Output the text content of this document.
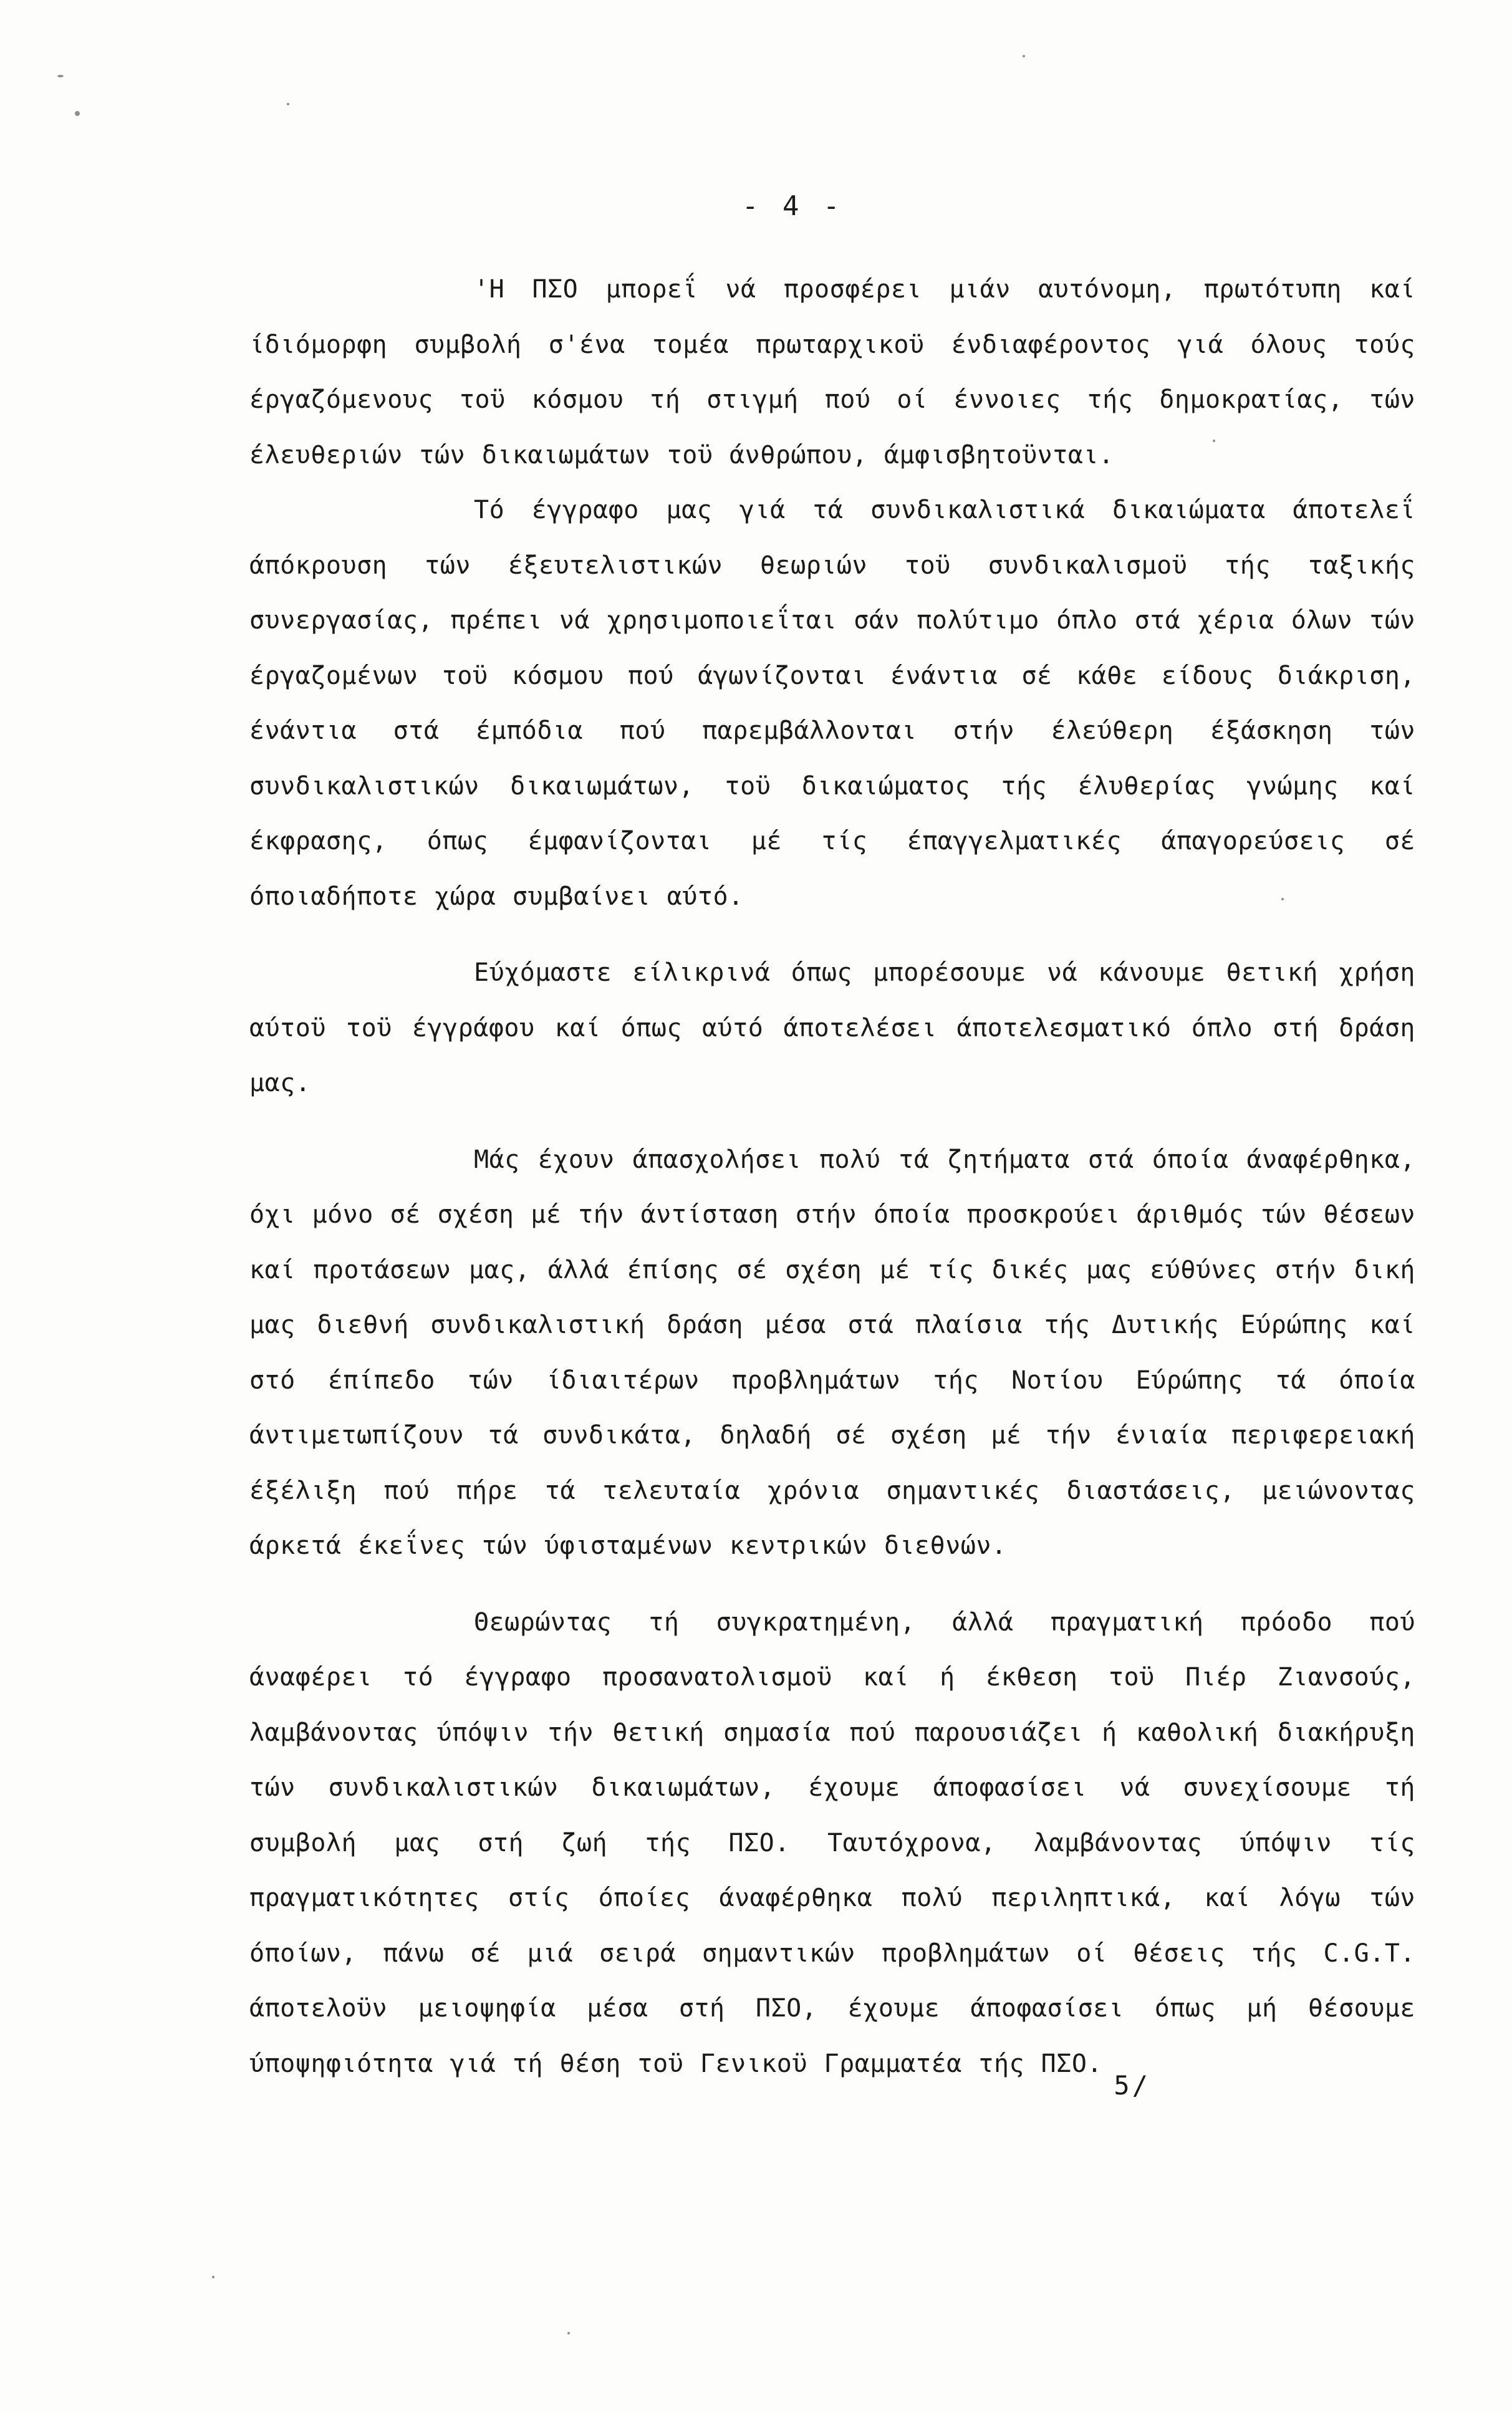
- 4 -

'Η ΠΣΟ μπορεΐ νά προσφέρει μιάν αυτόνομη, πρωτότυπη καί ίδιόμορφη συμβολή σ'ένα τομέα πρωταρχικοϋ ένδιαφέροντος γιά όλους τούς έργαζόμενους τοϋ κόσμου τή στιγμή πού οί έννοιες τής δημοκρατίας, τών έλευθεριών τών δικαιωμάτων τοϋ άνθρώπου, άμφισβητοϋνται.

Τό έγγραφο μας γιά τά συνδικαλιστικά δικαιώματα άποτελεΐ άπόκρουση τών έξευτελιστικών θεωριών τοϋ συνδικαλισμοϋ τής ταξικής συνεργασίας, πρέπει νά χρησιμοποιεΐται σάν πολύτιμο όπλο στά χέρια όλων τών έργαζομένων τοϋ κόσμου πού άγωνίζονται ένάντια σέ κάθε είδους διάκριση, ένάντια στά έμπόδια πού παρεμβάλλονται στήν έλεύθερη έξάσκηση τών συνδικαλιστικών δικαιωμάτων, τοϋ δικαιώματος τής έλυθερίας γνώμης καί έκφρασης, όπως έμφανίζονται μέ τίς έπαγγελματικές άπαγορεύσεις σέ όποιαδήποτε χώρα συμβαίνει αύτό.

Εύχόμαστε είλικρινά όπως μπορέσουμε νά κάνουμε θετική χρήση αύτοϋ τοϋ έγγράφου καί όπως αύτό άποτελέσει άποτελεσματικό όπλο στή δράση μας.

Μάς έχουν άπασχολήσει πολύ τά ζητήματα στά όποία άναφέρθηκα, όχι μόνο σέ σχέση μέ τήν άντίσταση στήν όποία προσκρούει άριθμός τών θέσεων καί προτάσεων μας, άλλά έπίσης σέ σχέση μέ τίς δικές μας εύθύνες στήν δική μας διεθνή συνδικαλιστική δράση μέσα στά πλαίσια τής Δυτικής Εύρώπης καί στό έπίπεδο τών ίδιαιτέρων προβλημάτων τής Νοτίου Εύρώπης τά όποία άντιμετωπίζουν τά συνδικάτα, δηλαδή σέ σχέση μέ τήν ένιαία περιφερειακή έξέλιξη πού πήρε τά τελευταία χρόνια σημαντικές διαστάσεις, μειώνοντας άρκετά έκεΐνες τών ύφισταμένων κεντρικών διεθνών.

Θεωρώντας τή συγκρατημένη, άλλά πραγματική πρόοδο πού άναφέρει τό έγγραφο προσανατολισμοϋ καί ή έκθεση τοϋ Πιέρ Ζιανσούς, λαμβάνοντας ύπόψιν τήν θετική σημασία πού παρουσιάζει ή καθολική διακήρυξη τών συνδικαλιστικών δικαιωμάτων, έχουμε άποφασίσει νά συνεχίσουμε τή συμβολή μας στή ζωή τής ΠΣΟ. Ταυτόχρονα, λαμβάνοντας ύπόψιν τίς πραγματικότητες στίς όποίες άναφέρθηκα πολύ περιληπτικά, καί λόγω τών όποίων, πάνω σέ μιά σειρά σημαντικών προβλημάτων οί θέσεις τής C.G.T. άποτελοϋν μειοψηφία μέσα στή ΠΣΟ, έχουμε άποφασίσει όπως μή θέσουμε ύποψηφιότητα γιά τή θέση τοϋ Γενικοϋ Γραμματέα τής ΠΣΟ.

5/
